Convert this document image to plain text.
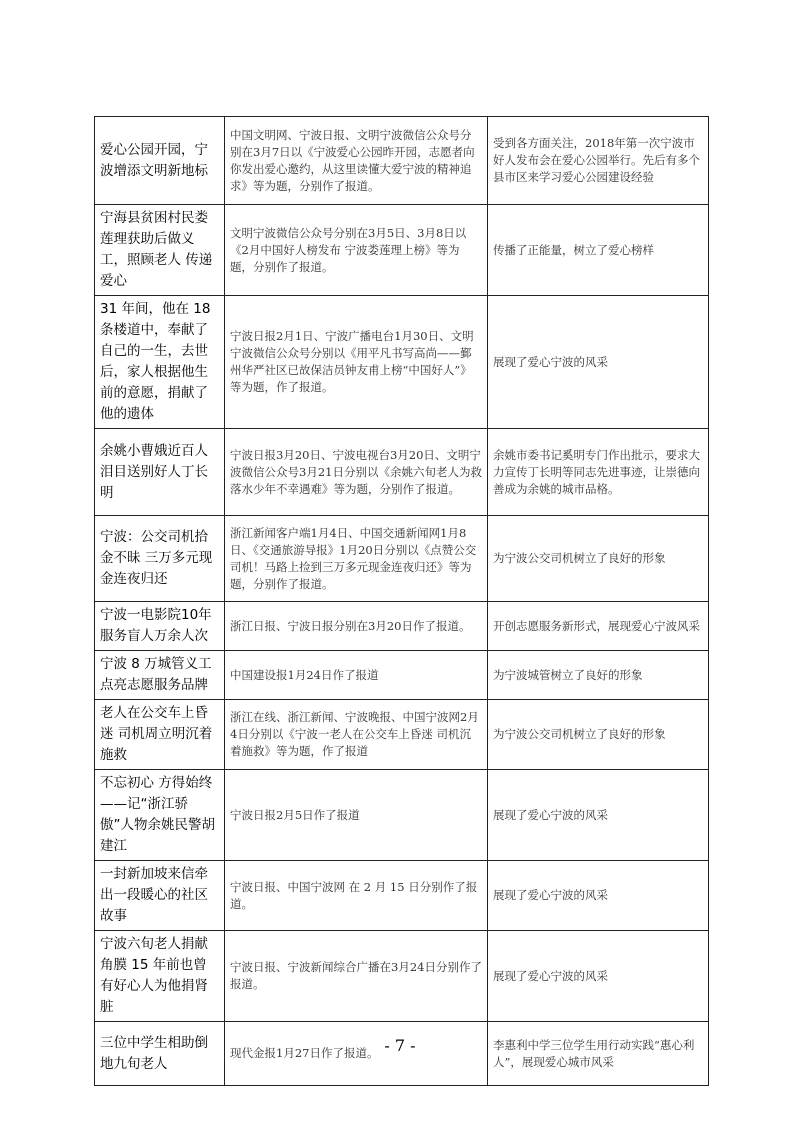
爱心公园开园，宁波增添文明新地标	中国文明网、宁波日报、文明宁波微信公众号分别在3月7日以《宁波爱心公园昨开园，志愿者向你发出爱心邀约，从这里读懂大爱宁波的精神追求》等为题，分别作了报道。	受到各方面关注，2018年第一次宁波市好人发布会在爱心公园举行。先后有多个县市区来学习爱心公园建设经验

宁海县贫困村民娄莲理获助后做义工，照顾老人 传递爱心	文明宁波微信公众号分别在3月5日、3月8日以《2月中国好人榜发布 宁波娄莲理上榜》等为题，分别作了报道。	传播了正能量，树立了爱心榜样

31 年间，他在 18 条楼道中，奉献了自己的一生，去世后，家人根据他生前的意愿，捐献了他的遗体	宁波日报2月1日、宁波广播电台1月30日、文明宁波微信公众号分别以《用平凡书写高尚——鄞州华严社区已故保洁员钟友甫上榜“中国好人”》等为题，作了报道。	展现了爱心宁波的风采

余姚小曹娥近百人泪目送别好人丁长明	宁波日报3月20日、宁波电视台3月20日、文明宁波微信公众号3月21日分别以《余姚六旬老人为救落水少年不幸遇难》等为题，分别作了报道。	余姚市委书记奚明专门作出批示，要求大力宣传丁长明等同志先进事迹，让崇德向善成为余姚的城市品格。

宁波：公交司机拾金不昧 三万多元现金连夜归还	浙江新闻客户端1月4日、中国交通新闻网1月8日、《交通旅游导报》1月20日分别以《点赞公交司机！马路上捡到三万多元现金连夜归还》等为题，分别作了报道。	为宁波公交司机树立了良好的形象

宁波一电影院10年服务盲人万余人次	浙江日报、宁波日报分别在3月20日作了报道。	开创志愿服务新形式，展现爱心宁波风采

宁波 8 万城管义工点亮志愿服务品牌	中国建设报1月24日作了报道	为宁波城管树立了良好的形象

老人在公交车上昏迷 司机周立明沉着施救	浙江在线、浙江新闻、宁波晚报、中国宁波网2月4日分别以《宁波一老人在公交车上昏迷 司机沉着施救》等为题，作了报道	为宁波公交司机树立了良好的形象

不忘初心 方得始终——记“浙江骄傲”人物余姚民警胡建江	宁波日报2月5日作了报道	展现了爱心宁波的风采

一封新加坡来信牵出一段暖心的社区故事	宁波日报、中国宁波网 在 2 月 15 日分别作了报道。	展现了爱心宁波的风采

宁波六旬老人捐献角膜 15 年前也曾有好心人为他捐肾脏	宁波日报、宁波新闻综合广播在3月24日分别作了报道。	展现了爱心宁波的风采

三位中学生相助倒地九旬老人	现代金报1月27日作了报道。	李惠利中学三位学生用行动实践“惠心利人”，展现爱心城市风采
- 7 -
